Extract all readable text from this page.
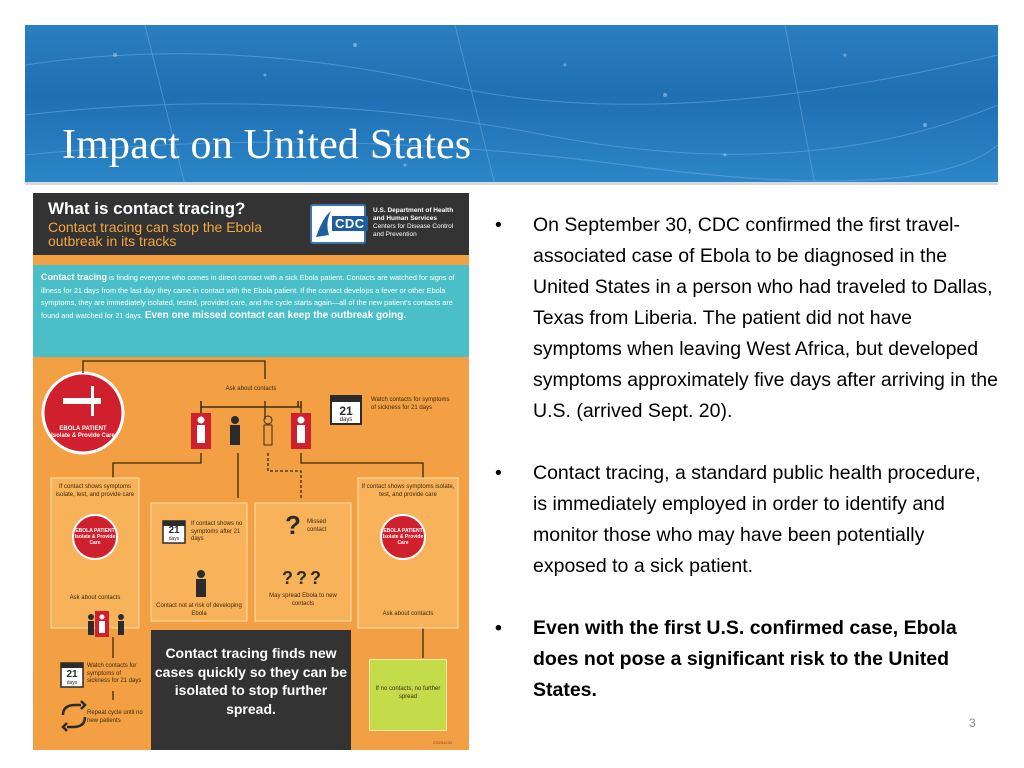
Impact on United States
What is contact tracing?
Contact tracing can stop the Ebola outbreak in its tracks
CDC
U.S. Department of Health and Human Services
Centers for Disease Control and Prevention
Contact tracing is finding everyone who comes in direct contact with a sick Ebola patient. Contacts are watched for signs of illness for 21 days from the last day they came in contact with the Ebola patient. If the contact develops a fever or other Ebola symptoms, they are immediately isolated, tested, provided care, and the cycle starts again—all of the new patient's contacts are found and watched for 21 days. Even one missed contact can keep the outbreak going.
EBOLA PATIENT
Isolate & Provide Care
Ask about contacts
Watch contacts for symptoms of sickness for 21 days
21
days
If contact shows symptoms isolate, test, and provide care
If contact shows symptoms isolate, test, and provide care
EBOLA PATIENT
Isolate & Provide Care
EBOLA PATIENT
Isolate & Provide Care
If contact shows no symptoms after 21 days
21
days
Contact not at risk of developing Ebola
?	Missed contact
???
May spread Ebola to new contacts
Ask about contacts
Ask about contacts
21
days
Watch contacts for symptoms of sickness for 21 days
Repeat cycle until no new patients
Contact tracing finds new cases quickly so they can be isolated to stop further spread.
If no contacts, no further spread
CS251234
• On September 30, CDC confirmed the first travel-associated case of Ebola to be diagnosed in the United States in a person who had traveled to Dallas, Texas from Liberia. The patient did not have symptoms when leaving West Africa, but developed symptoms approximately five days after arriving in the U.S. (arrived Sept. 20).
• Contact tracing, a standard public health procedure, is immediately employed in order to identify and monitor those who may have been potentially exposed to a sick patient.
• Even with the first U.S. confirmed case, Ebola does not pose a significant risk to the United States.
3
